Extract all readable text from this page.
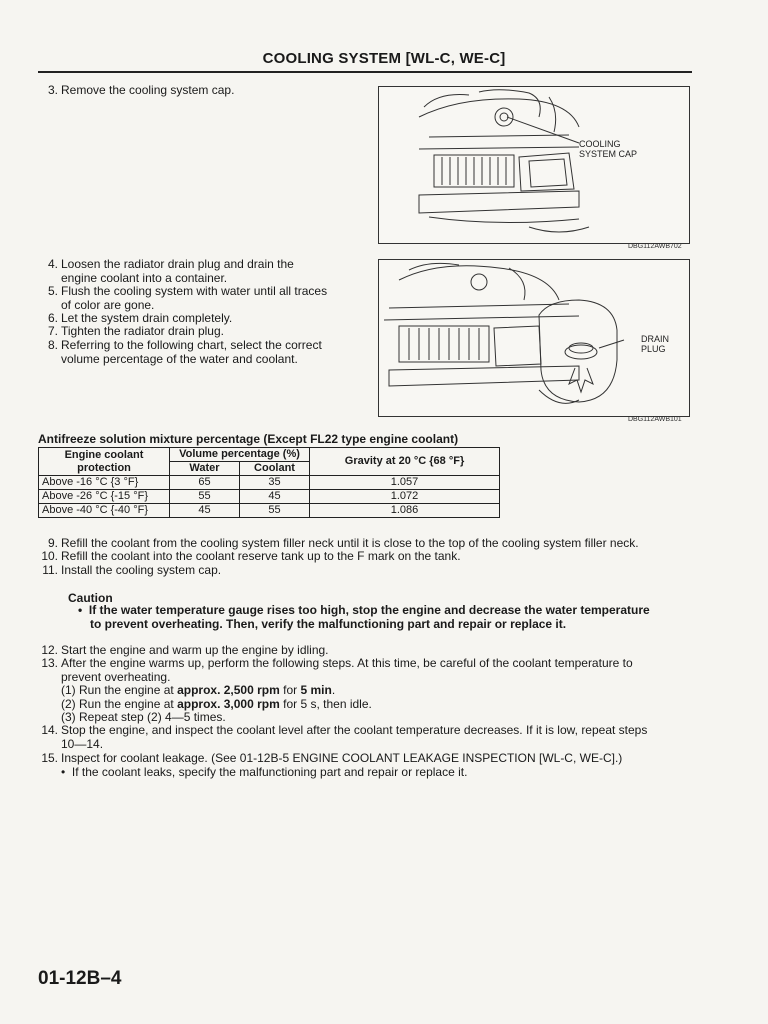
COOLING SYSTEM [WL-C, WE-C]
3. Remove the cooling system cap.
COOLING
SYSTEM CAP
DBG112AWB702
4. Loosen the radiator drain plug and drain the
engine coolant into a container.
5. Flush the cooling system with water until all traces
of color are gone.
6. Let the system drain completely.
7. Tighten the radiator drain plug.
8. Referring to the following chart, select the correct
volume percentage of the water and coolant.
DRAIN
PLUG
DBG112AWB101
Antifreeze solution mixture percentage (Except FL22 type engine coolant)
Engine coolant
protection	Volume percentage (%)		Gravity at 20 °C {68 °F}
	Water	Coolant	
Above -16 °C {3 °F}	65	35	1.057
Above -26 °C {-15 °F}	55	45	1.072
Above -40 °C {-40 °F}	45	55	1.086
9. Refill the coolant from the cooling system filler neck until it is close to the top of the cooling system filler neck.
10. Refill the coolant into the coolant reserve tank up to the F mark on the tank.
11. Install the cooling system cap.
Caution
• If the water temperature gauge rises too high, stop the engine and decrease the water temperature
to prevent overheating. Then, verify the malfunctioning part and repair or replace it.
12. Start the engine and warm up the engine by idling.
13. After the engine warms up, perform the following steps. At this time, be careful of the coolant temperature to
prevent overheating.
(1) Run the engine at approx. 2,500 rpm for 5 min.
(2) Run the engine at approx. 3,000 rpm for 5 s, then idle.
(3) Repeat step (2) 4—5 times.
14. Stop the engine, and inspect the coolant level after the coolant temperature decreases. If it is low, repeat steps
10—14.
15. Inspect for coolant leakage. (See 01-12B-5 ENGINE COOLANT LEAKAGE INSPECTION [WL-C, WE-C].)
• If the coolant leaks, specify the malfunctioning part and repair or replace it.
01-12B–4
